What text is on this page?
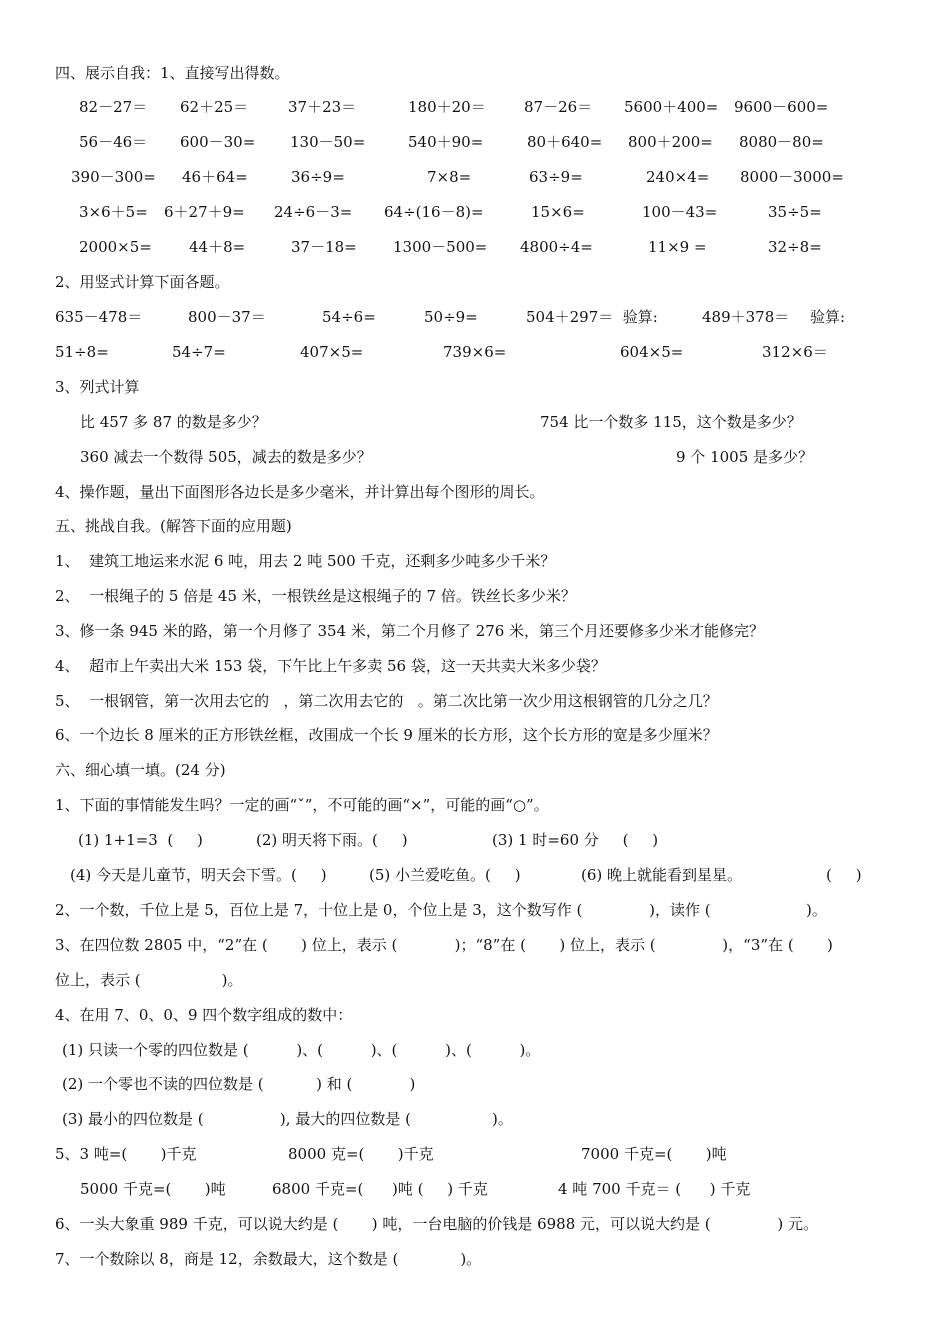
四、展示自我：1、直接写出得数。
82－27＝ 62＋25＝	37＋23＝	180＋20＝	87－26＝ 5600＋400= 9600－600=
56－46＝ 600－30= 130－50=	540＋90=	80＋640= 800＋200= 8080－80=
390－300= 46＋64=	36÷9=	7×8=	63÷9=	240×4= 8000－3000=
3×6＋5= 6＋27＋9= 24÷6－3= 64÷(16－8)=	15×6=	100－43=	35÷5=
2000×5= 44＋8=	37－18= 1300－500= 4800÷4=	11×9 =	32÷8=
2、用竖式计算下面各题。
635－478＝	800－37＝	54÷6=	50÷9=	504＋297＝  验算:	489＋378＝ 验算:
51÷8=	54÷7=	407×5=	739×6=	604×5=	312×6＝
3、列式计算
比 457 多 87 的数是多少？	754 比一个数多 115，这个数是多少？
360 减去一个数得 505，减去的数是多少？	9 个 1005 是多少？
4、操作题，量出下面图形各边长是多少毫米，并计算出每个图形的周长。
五、挑战自我。(解答下面的应用题)
1、  建筑工地运来水泥 6 吨，用去 2 吨 500 千克，还剩多少吨多少千米？
2、  一根绳子的 5 倍是 45 米，一根铁丝是这根绳子的 7 倍。铁丝长多少米？
3、修一条 945 米的路，第一个月修了 354 米，第二个月修了 276 米，第三个月还要修多少米才能修完？
4、  超市上午卖出大米 153 袋，下午比上午多卖 56 袋，这一天共卖大米多少袋？
5、  一根钢管，第一次用去它的   ，第二次用去它的   。第二次比第一次少用这根钢管的几分之几？
6、一个边长 8 厘米的正方形铁丝框，改围成一个长 9 厘米的长方形，这个长方形的宽是多少厘米？
六、细心填一填。(24 分)
1、下面的事情能发生吗？一定的画“ˇ”，不可能的画“×”，可能的画“○”。
(1) 1+1=3  (     )	(2) 明天将下雨。(     )	(3) 1 时=60 分     (     )
(4) 今天是儿童节，明天会下雪。(     )	(5) 小兰爱吃鱼。(     )	(6) 晚上就能看到星星。	(     )
2、一个数，千位上是 5，百位上是 7，十位上是 0，个位上是 3，这个数写作 (              )，读作 (                    )。
3、在四位数 2805 中，“2”在 (       ) 位上，表示 (            )；“8”在 (       ) 位上，表示 (              )，“3”在 (       )
位上，表示 (                 )。
4、在用 7、0、0、9 四个数字组成的数中：
(1) 只读一个零的四位数是 (          )、(          )、(          )、(          )。
(2) 一个零也不读的四位数是 (           ) 和 (            )
(3) 最小的四位数是 (                ), 最大的四位数是 (                 )。
5、3 吨=(       )千克	8000 克=(       )千克	7000 千克=(       )吨
5000 千克=(       )吨	6800 千克=(      )吨 (     ) 千克	4 吨 700 千克＝ (      ) 千克
6、一头大象重 989 千克，可以说大约是 (       ) 吨，一台电脑的价钱是 6988 元，可以说大约是 (              ) 元。
7、一个数除以 8，商是 12，余数最大，这个数是 (             )。
